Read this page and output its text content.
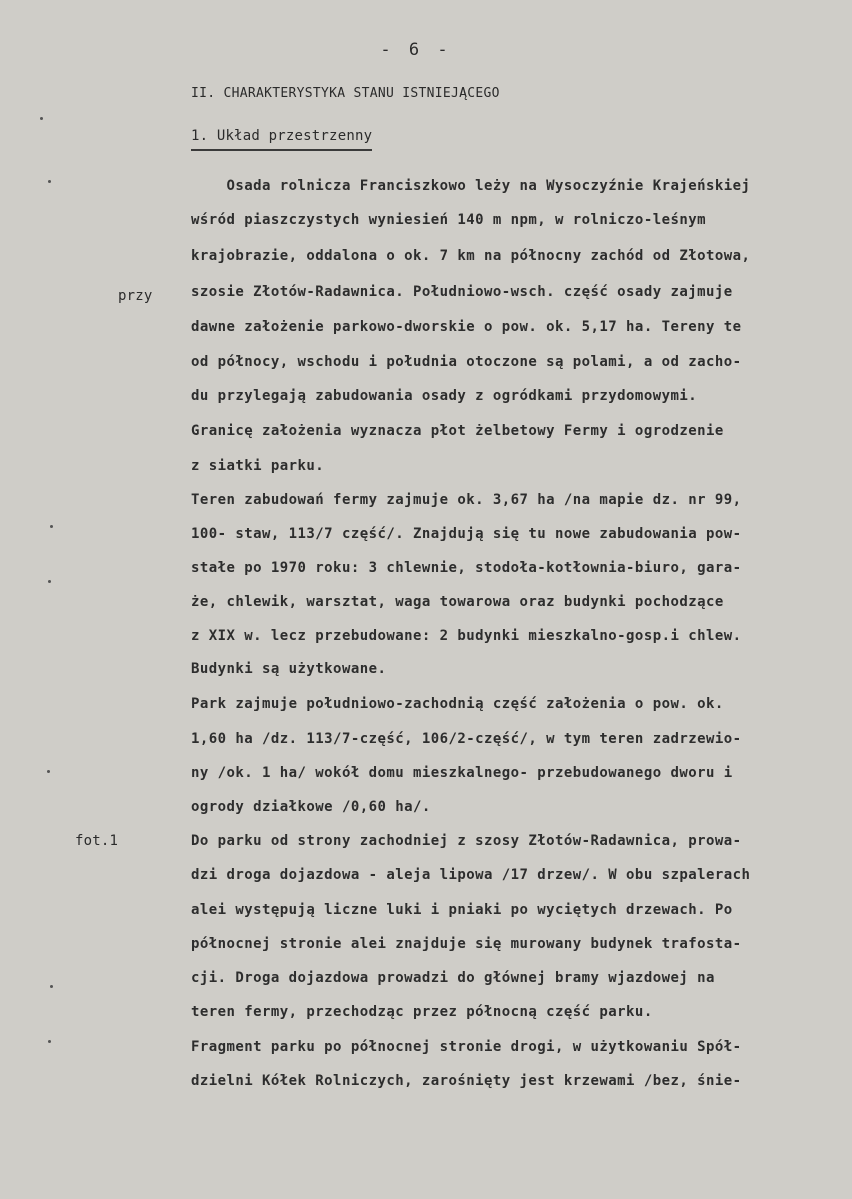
- 6 -
II. CHARAKTERYSTYKA STANU ISTNIEJĄCEGO
1. Układ przestrzenny
przy
fot.1
Osada rolnicza Franciszkowo leży na Wysoczyźnie Krajeńskiej
wśród piaszczystych wyniesień 140 m npm, w rolniczo-leśnym
krajobrazie, oddalona o ok. 7 km na północny zachód od Złotowa,
szosie Złotów-Radawnica. Południowo-wsch. część osady zajmuje
dawne założenie parkowo-dworskie o pow. ok. 5,17 ha. Tereny te
od północy, wschodu i południa otoczone są polami, a od zacho-
du przylegają zabudowania osady z ogródkami przydomowymi.
Granicę założenia wyznacza płot żelbetowy Fermy i ogrodzenie
z siatki parku.
Teren zabudowań fermy zajmuje ok. 3,67 ha /na mapie dz. nr 99,
100- staw, 113/7 część/. Znajdują się tu nowe zabudowania pow-
stałe po 1970 roku: 3 chlewnie, stodoła-kotłownia-biuro, gara-
że, chlewik, warsztat, waga towarowa oraz budynki pochodzące
z XIX w. lecz przebudowane: 2 budynki mieszkalno-gosp.i chlew.
Budynki są użytkowane.
Park zajmuje południowo-zachodnią część założenia o pow. ok.
1,60 ha /dz. 113/7-część, 106/2-część/, w tym teren zadrzewio-
ny /ok. 1 ha/ wokół domu mieszkalnego- przebudowanego dworu i
ogrody działkowe /0,60 ha/.
Do parku od strony zachodniej z szosy Złotów-Radawnica, prowa-
dzi droga dojazdowa - aleja lipowa /17 drzew/. W obu szpalerach
alei występują liczne luki i pniaki po wyciętych drzewach. Po
północnej stronie alei znajduje się murowany budynek trafosta-
cji. Droga dojazdowa prowadzi do głównej bramy wjazdowej na
teren fermy, przechodząc przez północną część parku.
Fragment parku po północnej stronie drogi, w użytkowaniu Spół-
dzielni Kółek Rolniczych, zarośnięty jest krzewami /bez, śnie-
